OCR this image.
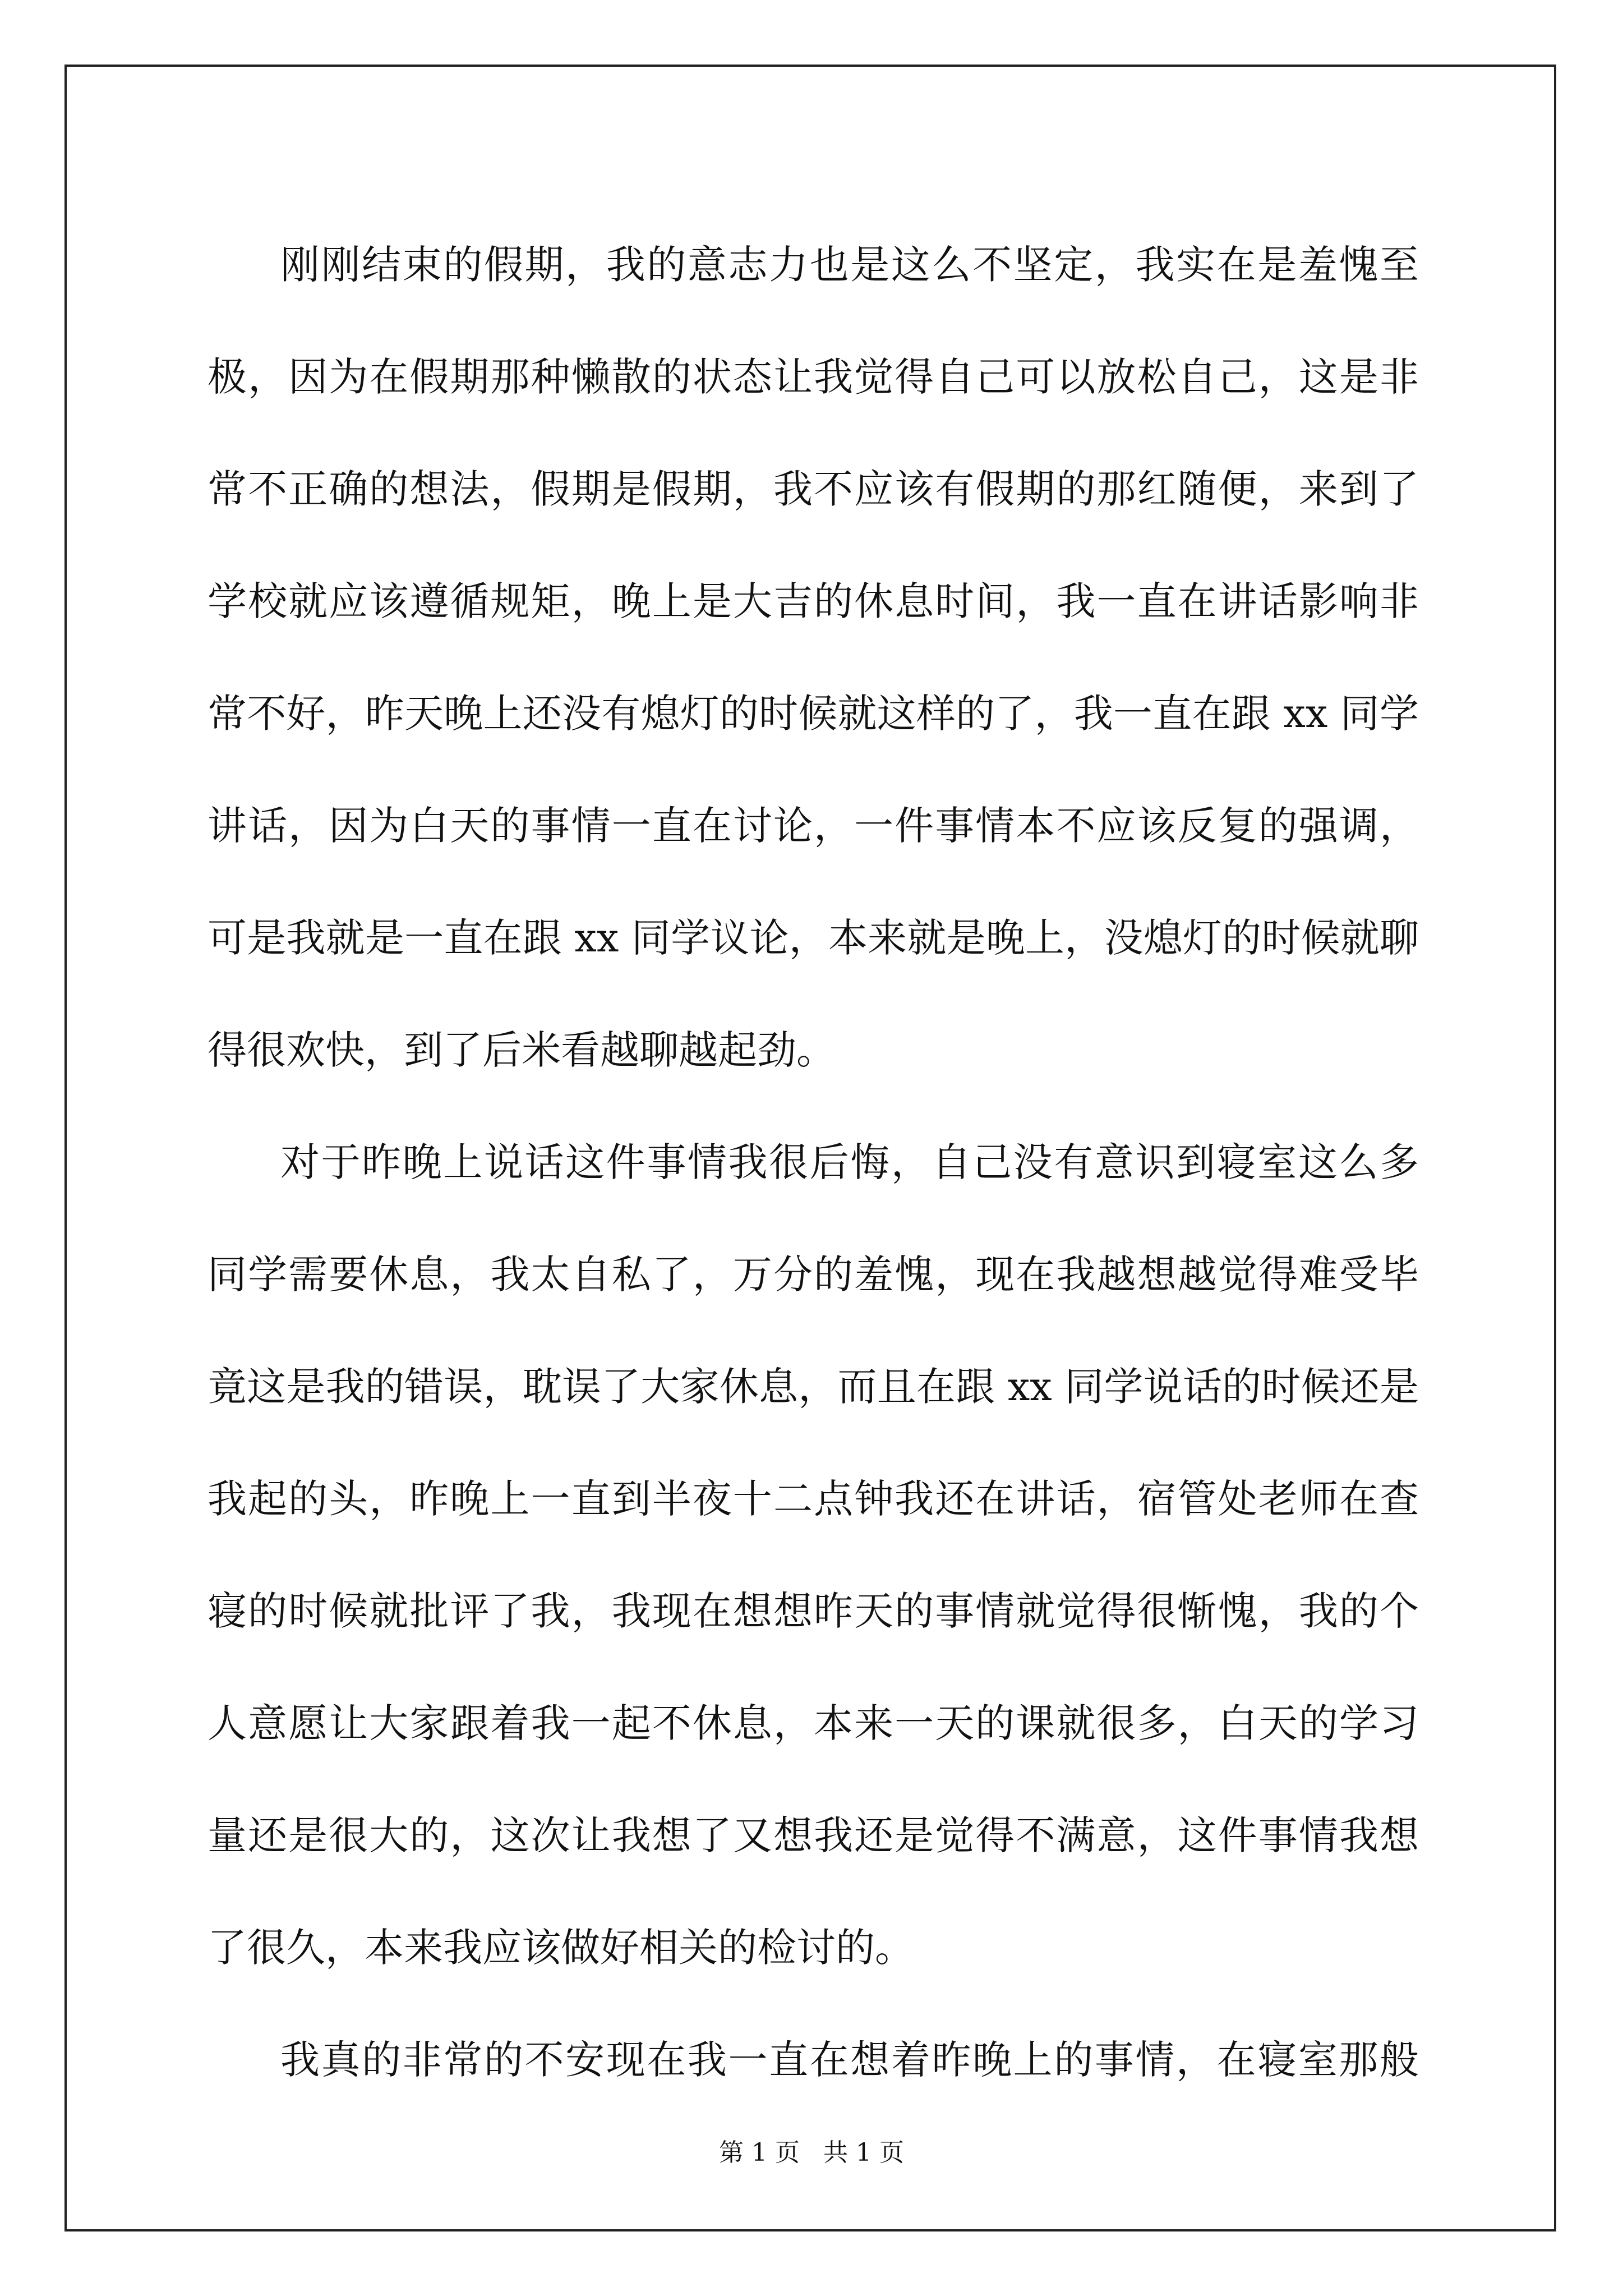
刚刚结束的假期，我的意志力也是这么不坚定，我实在是羞愧至
极，因为在假期那种懒散的状态让我觉得自己可以放松自己，这是非
常不正确的想法，假期是假期，我不应该有假期的那红随便，来到了
学校就应该遵循规矩，晚上是大吉的休息时间，我一直在讲话影响非
常不好，昨天晚上还没有熄灯的时候就这样的了，我一直在跟 xx 同学
讲话，因为白天的事情一直在讨论，一件事情本不应该反复的强调，
可是我就是一直在跟 xx 同学议论，本来就是晚上，没熄灯的时候就聊
得很欢快，到了后米看越聊越起劲。
对于昨晚上说话这件事情我很后悔，自己没有意识到寝室这么多
同学需要休息，我太自私了，万分的羞愧，现在我越想越觉得难受毕
竟这是我的错误，耽误了大家休息，而且在跟 xx 同学说话的时候还是
我起的头，昨晚上一直到半夜十二点钟我还在讲话，宿管处老师在查
寝的时候就批评了我，我现在想想昨天的事情就觉得很惭愧，我的个
人意愿让大家跟着我一起不休息，本来一天的课就很多，白天的学习
量还是很大的，这次让我想了又想我还是觉得不满意，这件事情我想
了很久，本来我应该做好相关的检讨的。
我真的非常的不安现在我一直在想着昨晚上的事情，在寝室那般
第 1 页 共 1 页
